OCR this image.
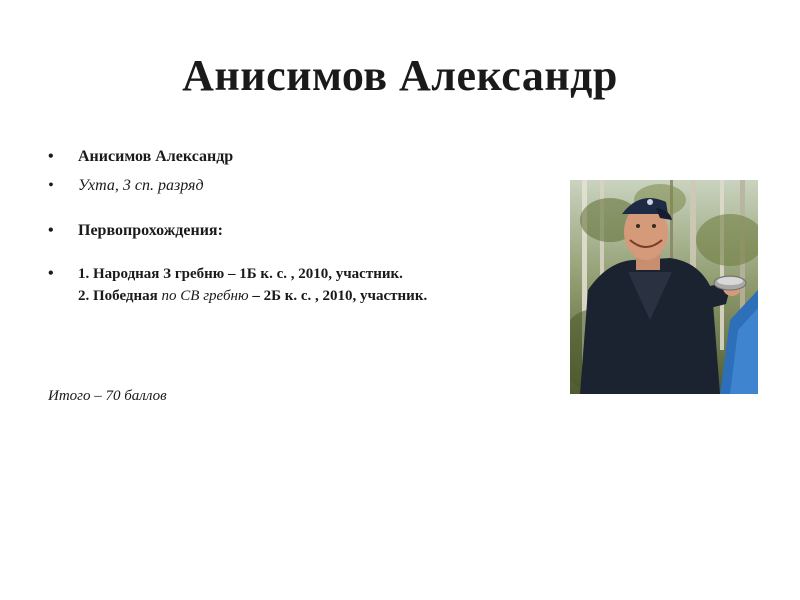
Анисимов Александр
• Анисимов Александр
• Ухта, 3 сп. разряд
• Первопрохождения:
• 1. Народная З гребню – 1Б к. с. , 2010, участник.
2. Победная по СВ гребню – 2Б к. с. , 2010, участник.
Итого – 70 баллов
